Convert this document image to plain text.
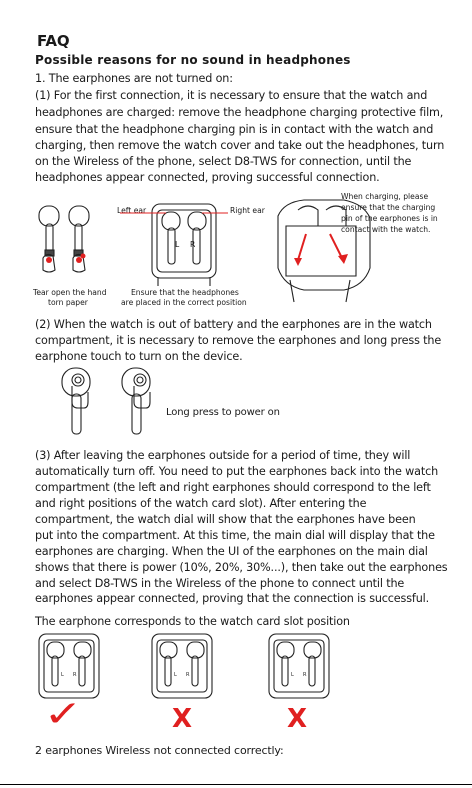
FAQ
Possible reasons for no sound in headphones
1. The earphones are not turned on:
(1) For the first connection, it is necessary to ensure that the watch and
headphones are charged: remove the headphone charging protective film,
ensure that the headphone charging pin is in contact with the watch and
charging, then remove the watch cover and take out the headphones, turn
on the Wireless of the phone, select D8-TWS for connection, until the
headphones appear connected, proving successful connection.
Tear open the hand
torn paper
Left ear	Right ear
L R
Ensure that the headphones
are placed in the correct position
When charging, please
ensure that the charging
pin of the earphones is in
contact with the watch.
(2) When the watch is out of battery and the earphones are in the watch
compartment, it is necessary to remove the earphones and long press the
earphone touch to turn on the device.
Long press to power on
(3) After leaving the earphones outside for a period of time, they will
automatically turn off. You need to put the earphones back into the watch
compartment (the left and right earphones should correspond to the left
and right positions of the watch card slot). After entering the
compartment, the watch dial will show that the earphones have been
put into the compartment. At this time, the main dial will display that the
earphones are charging. When the UI of the earphones on the main dial
shows that there is power (10%, 20%, 30%...), then take out the earphones
and select D8-TWS in the Wireless of the phone to connect until the
earphones appear connected, proving that the connection is successful.
The earphone corresponds to the watch card slot position
L R	L R	L R
✓	X	X
2 earphones Wireless not connected correctly:
